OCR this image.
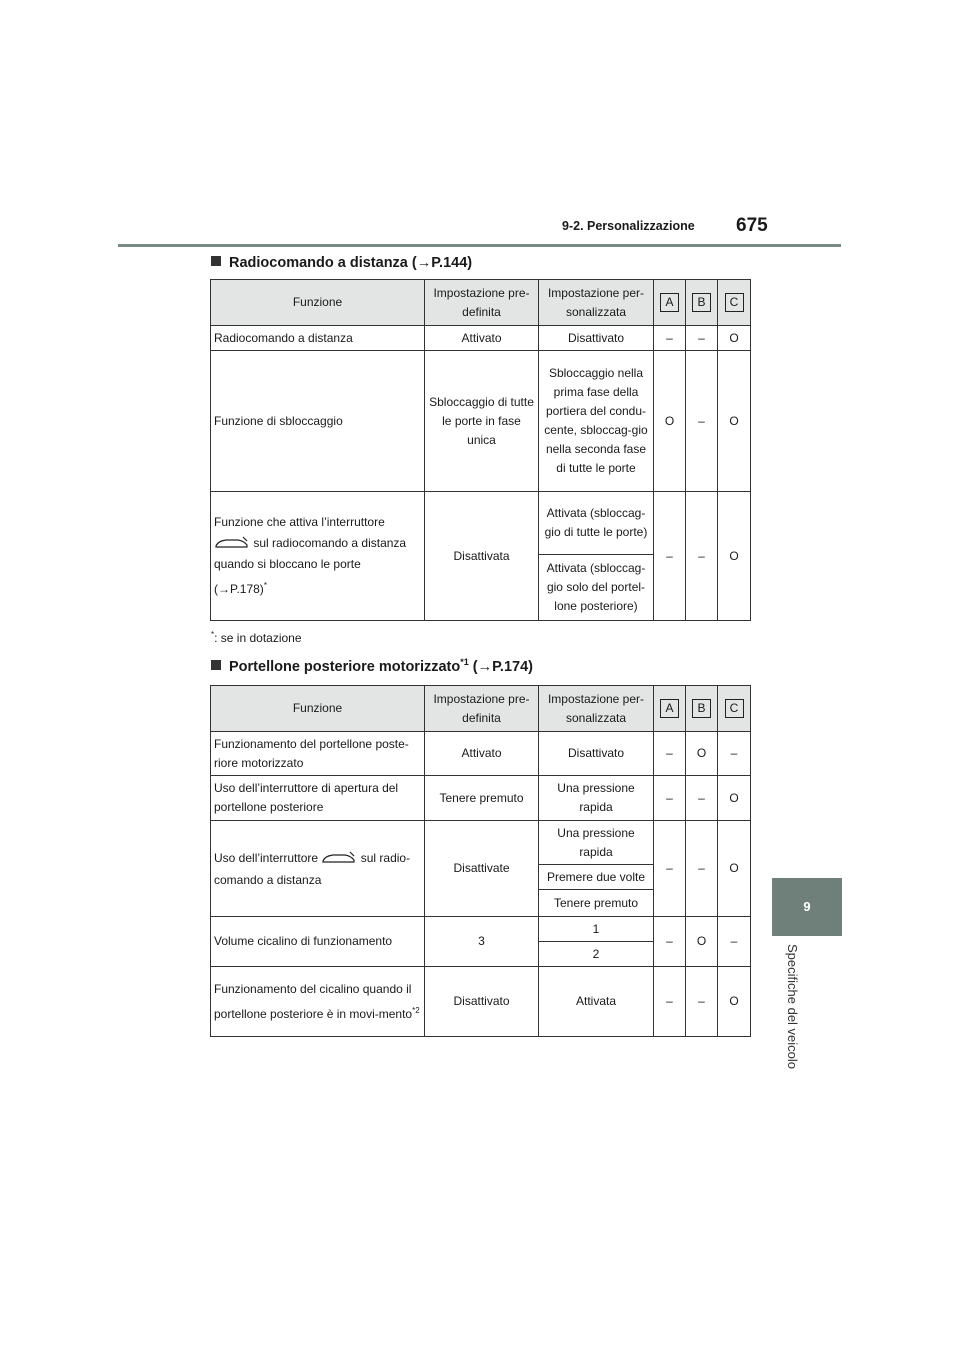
9-2. Personalizzazione 675
9
Specifiche del veicolo
Radiocomando a distanza (→P.144)
Funzione	Impostazione pre-definita	Impostazione per-sonalizzata	A	B	C
Radiocomando a distanza	Attivato	Disattivato	–	–	O
Funzione di sbloccaggio	Sbloccaggio di tutte le porte in fase unica	Sbloccaggio nella prima fase della portiera del condu-cente, sbloccag-gio nella seconda fase di tutte le porte	O	–	O
Funzione che attiva l’interruttore
sul radiocomando a distanza quando si bloccano le porte
(→P.178)*	Disattivata	Attivata (sbloccag-gio di tutte le porte)	–	–	O
		Attivata (sbloccag-gio solo del portel-lone posteriore)			
*: se in dotazione
Portellone posteriore motorizzato$^{*1}$ (→P.174)
Funzione	Impostazione pre-definita	Impostazione per-sonalizzata	A	B	C
Funzionamento del portellone poste-riore motorizzato	Attivato	Disattivato	–	O	–
Uso dell’interruttore di apertura del portellone posteriore	Tenere premuto	Una pressione rapida	–	–	O
Uso dell’interruttore sul radio-comando a distanza	Disattivate	Una pressione rapida	–	–	O
		Premere due volte			
		Tenere premuto			
Volume cicalino di funzionamento	3	1	–	O	–
		2			
Funzionamento del cicalino quando il portellone posteriore è in movi-mento$^{*2}$	Disattivato	Attivata	–	–	O
